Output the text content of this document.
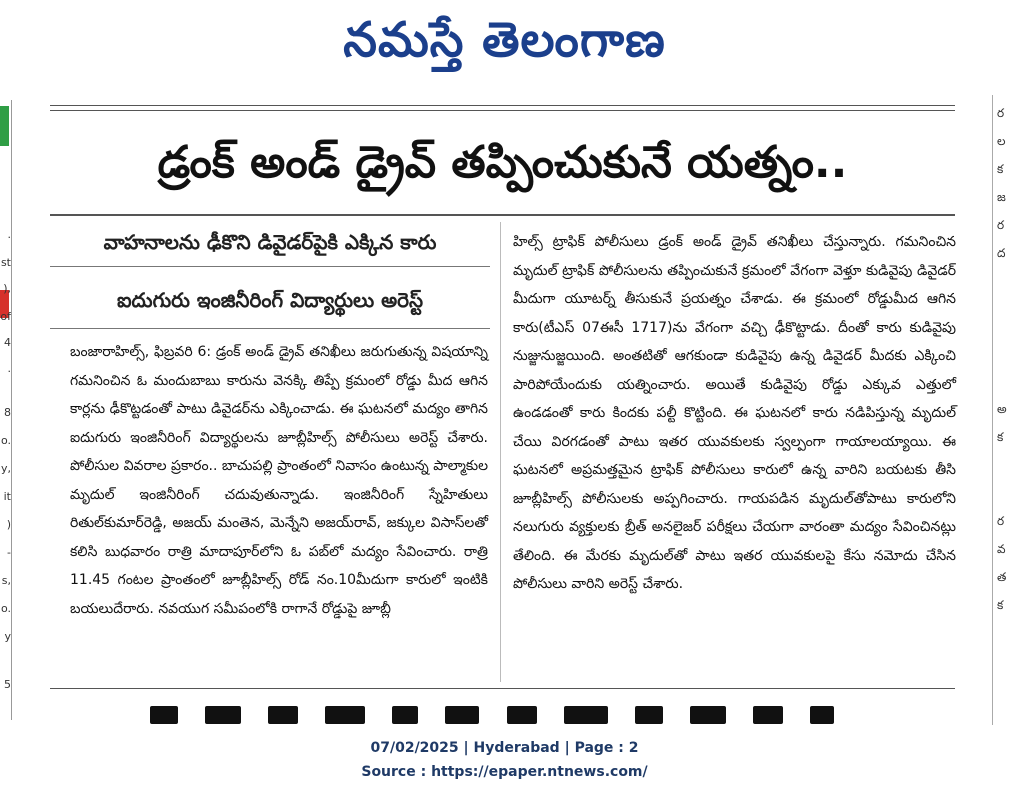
నమస్తే తెలంగాణ
.
st
),
of
4
.
8
o.
y,
it
)
-
s,
o.
y
5
ర
ల
క
జ
ర
ద
అ
క
ర
వ
త
క
డ్రంక్ అండ్ డ్రైవ్ తప్పించుకునే యత్నం..
వాహనాలను ఢీకొని డివైడర్‌పైకి ఎక్కిన కారు
ఐదుగురు ఇంజినీరింగ్ విద్యార్థులు అరెస్ట్
బంజారాహిల్స్, ఫిబ్రవరి 6: డ్రంక్ అండ్ డ్రైవ్ తనిఖీలు జరుగుతున్న విషయాన్ని గమనించిన ఓ మందుబాబు కారును వెనక్కి తిప్పే క్రమంలో రోడ్డు మీద ఆగిన కార్లను ఢీకొట్టడంతో పాటు డివైడర్‌ను ఎక్కించాడు. ఈ ఘటనలో మద్యం తాగిన ఐదుగురు ఇంజినీరింగ్ విద్యార్థులను జూబ్లీహిల్స్ పోలీసులు అరెస్ట్ చేశారు. పోలీసుల వివరాల ప్రకారం.. బాచుపల్లి ప్రాంతంలో నివాసం ఉంటున్న పాల్మాకుల మృదుల్ ఇంజినీరింగ్ చదువుతున్నాడు. ఇంజినీరింగ్ స్నేహితులు రితుల్‌కుమార్‌రెడ్డి, అజయ్ మంతెన, మెన్నేని అజయ్‌రావ్, జక్కుల విసాస్‌లతో కలిసి బుధవారం రాత్రి మాదాపూర్‌లోని ఓ పబ్‌లో మద్యం సేవించారు. రాత్రి 11.45 గంటల ప్రాంతంలో జూబ్లీహిల్స్ రోడ్ నం.10మీదుగా కారులో ఇంటికి బయలుదేరారు. నవయుగ సమీపంలోకి రాగానే రోడ్డుపై జూబ్లీ
హిల్స్ ట్రాఫిక్ పోలీసులు డ్రంక్ అండ్ డ్రైవ్ తనిఖీలు చేస్తున్నారు. గమనించిన మృదుల్ ట్రాఫిక్ పోలీసులను తప్పించుకునే క్రమంలో వేగంగా వెళ్తూ కుడివైపు డివైడర్ మీదుగా యూటర్న్ తీసుకునే ప్రయత్నం చేశాడు. ఈ క్రమంలో రోడ్డుమీద ఆగిన కారు(టీఎస్ 07ఈసీ 1717)ను వేగంగా వచ్చి ఢీకొట్టాడు. దీంతో కారు కుడివైపు నుజ్జునుజ్జయింది. అంతటితో ఆగకుండా కుడివైపు ఉన్న డివైడర్ మీదకు ఎక్కించి పారిపోయేందుకు యత్నించారు. అయితే కుడివైపు రోడ్డు ఎక్కువ ఎత్తులో ఉండడంతో కారు కిందకు పల్టీ కొట్టింది. ఈ ఘటనలో కారు నడిపిస్తున్న మృదుల్ చేయి విరగడంతో పాటు ఇతర యువకులకు స్వల్పంగా గాయాలయ్యాయి. ఈ ఘటనలో అప్రమత్తమైన ట్రాఫిక్ పోలీసులు కారులో ఉన్న వారిని బయటకు తీసి జూబ్లీహిల్స్ పోలీసులకు అప్పగించారు. గాయపడిన మృదుల్‌తోపాటు కారులోని నలుగురు వ్యక్తులకు బ్రీత్ అనలైజర్ పరీక్షలు చేయగా వారంతా మద్యం సేవించినట్లు తేలింది. ఈ మేరకు మృదుల్‌తో పాటు ఇతర యువకులపై కేసు నమోదు చేసిన పోలీసులు వారిని అరెస్ట్ చేశారు.

07/02/2025 | Hyderabad | Page : 2
Source : https://epaper.ntnews.com/
